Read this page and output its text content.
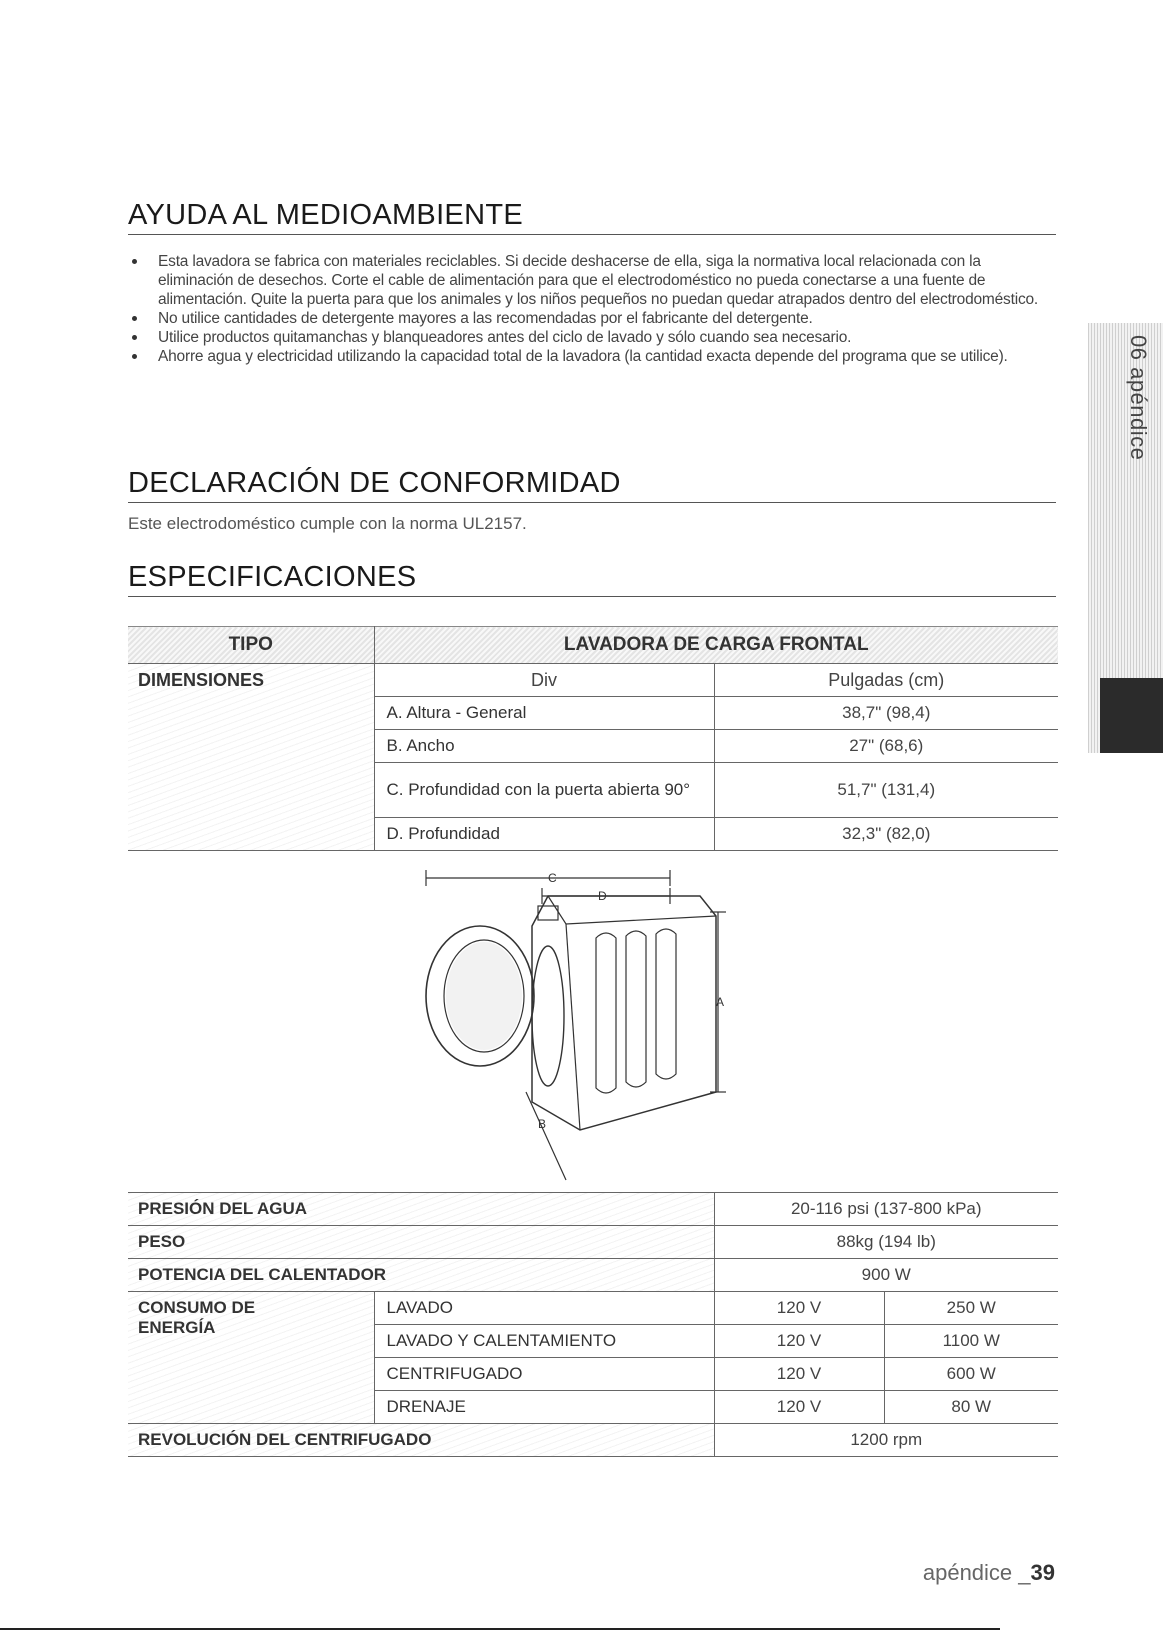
AYUDA AL MEDIOAMBIENTE
Esta lavadora se fabrica con materiales reciclables. Si decide deshacerse de ella, siga la normativa local relacionada con la eliminación de desechos. Corte el cable de alimentación para que el electrodoméstico no pueda conectarse a una fuente de alimentación. Quite la puerta para que los animales y los niños pequeños no puedan quedar atrapados dentro del electrodoméstico.
No utilice cantidades de detergente mayores a las recomendadas por el fabricante del detergente.
Utilice productos quitamanchas y blanqueadores antes del ciclo de lavado y sólo cuando sea necesario.
Ahorre agua y electricidad utilizando la capacidad total de la lavadora (la cantidad exacta depende del programa que se utilice).
DECLARACIÓN DE CONFORMIDAD
Este electrodoméstico cumple con la norma UL2157.
ESPECIFICACIONES
06 apéndice
TIPO	LAVADORA DE CARGA FRONTAL	
DIMENSIONES	Div	Pulgadas (cm)
	A. Altura - General	38,7" (98,4)
	B. Ancho	27" (68,6)
	C. Profundidad con la puerta abierta 90°	51,7" (131,4)
	D. Profundidad	32,3" (82,0)
C
D
A
B
PRESIÓN DEL AGUA		20-116 psi (137-800 kPa)	
PESO		88kg (194 lb)	
POTENCIA DEL CALENTADOR		900 W	
CONSUMO DE ENERGÍA	LAVADO	120 V	250 W
	LAVADO Y CALENTAMIENTO	120 V	1100 W
	CENTRIFUGADO	120 V	600 W
	DRENAJE	120 V	80 W
REVOLUCIÓN DEL CENTRIFUGADO		1200 rpm	
apéndice _39
